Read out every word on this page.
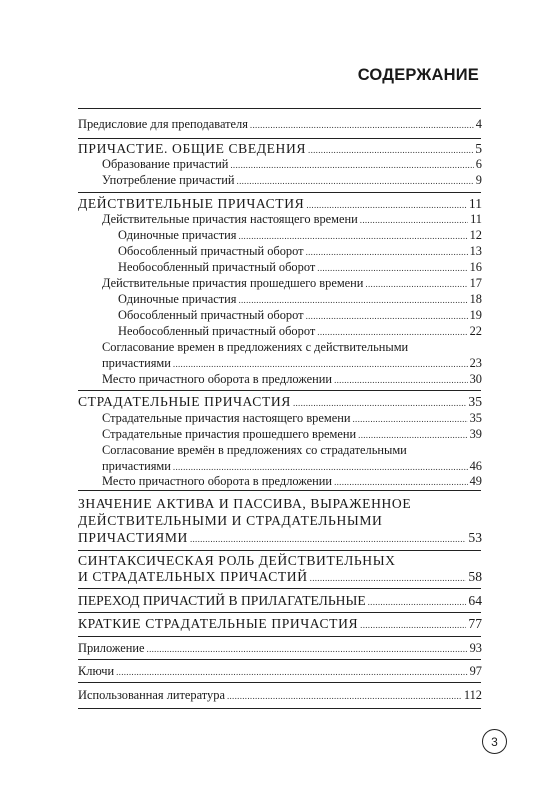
СОДЕРЖАНИЕ
Предисловие для преподавателя .....	4
ПРИЧАСТИЕ. ОБЩИЕ СВЕДЕНИЯ .....	5
Образование причастий .....	6
Употребление причастий .....	9
ДЕЙСТВИТЕЛЬНЫЕ ПРИЧАСТИЯ .....	11
Действительные причастия настоящего времени .....	11
Одиночные причастия .....	12
Обособленный причастный оборот .....	13
Необособленный причастный оборот .....	16
Действительные причастия прошедшего времени .....	17
Одиночные причастия .....	18
Обособленный причастный оборот .....	19
Необособленный причастный оборот .....	22
Согласование времен в предложениях с действительными
причастиями .....	23
Место причастного оборота в предложении .....	30
СТРАДАТЕЛЬНЫЕ ПРИЧАСТИЯ .....	35
Страдательные причастия настоящего времени .....	35
Страдательные причастия прошедшего времени .....	39
Согласование времён в предложениях со страдательными
причастиями .....	46
Место причастного оборота в предложении .....	49
ЗНАЧЕНИЕ АКТИВА И ПАССИВА, ВЫРАЖЕННОЕ
ДЕЙСТВИТЕЛЬНЫМИ И СТРАДАТЕЛЬНЫМИ
ПРИЧАСТИЯМИ .....	53
СИНТАКСИЧЕСКАЯ РОЛЬ ДЕЙСТВИТЕЛЬНЫХ
И СТРАДАТЕЛЬНЫХ ПРИЧАСТИЙ .....	58
ПЕРЕХОД ПРИЧАСТИЙ В ПРИЛАГАТЕЛЬНЫЕ .....	64
КРАТКИЕ СТРАДАТЕЛЬНЫЕ ПРИЧАСТИЯ .....	77
Приложение .....	93
Ключи .....	97
Использованная литература .....	112
3
